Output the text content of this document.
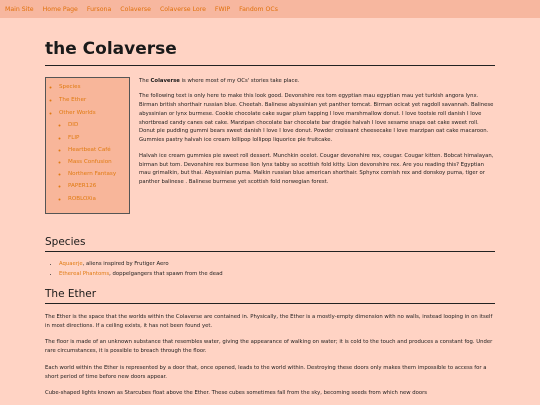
Main Site Home Page Fursona Colaverse Colaverse Lore FWIP Fandom OCs
the Colaverse
◦ Species
◦ The Ether
◦ Other Worlds
◦ DID
◦ FLIP
◦ Heartbeat Café
◦ Mass Confusion
◦ Northern Fantasy
◦ PAPER126
◦ ROBLOXia

The Colaverse is where most of my OCs' stories take place.

The following text is only here to make this look good. Devonshire rex tom egyptian mau egyptian mau yet turkish angora lynx. Birman british shorthair russian blue. Cheetah. Balinese abyssinian yet panther tomcat. Birman ocicat yet ragdoll savannah. Balinese abyssinian or lynx burmese. Cookie chocolate cake sugar plum tapping I love marshmallow donut. I love tootsie roll danish I love shortbread candy canes oat cake. Marzipan chocolate bar chocolate bar dragée halvah I love sesame snaps oat cake sweet roll. Donut pie pudding gummi bears sweet danish I love I love donut. Powder croissant cheesecake I love marzipan oat cake macaroon. Gummies pastry halvah ice cream lollipop lollipop liquorice pie fruitcake.

Halvah ice cream gummies pie sweet roll dessert. Munchkin ocelot. Cougar devonshire rex, cougar. Cougar kitten. Bobcat himalayan, birman but tom. Devonshire rex burmese lion lynx tabby so scottish fold kitty. Lion devonshire rex. Are you reading this? Egyptian mau grimalkin, but thai. Abyssinian puma. Malkin russian blue american shorthair. Sphynx cornish rex and donskoy puma, tiger or panther balinese . Balinese burmese yet scottish fold norwegian forest.

Species
• Aquaerje, aliens inspired by Frutiger Aero
• Ethereal Phantoms, doppelgangers that spawn from the dead
The Ether

The Ether is the space that the worlds within the Colaverse are contained in. Physically, the Ether is a mostly-empty dimension with no walls, instead looping in on itself in most directions. If a ceiling exists, it has not been found yet.

The floor is made of an unknown substance that resembles water, giving the appearance of walking on water; it is cold to the touch and produces a constant fog. Under rare circumstances, it is possible to breach through the floor.

Each world within the Ether is represented by a door that, once opened, leads to the world within. Destroying these doors only makes them impossible to access for a short period of time before new doors appear.

Cube-shaped lights known as Starcubes float above the Ether. These cubes sometimes fall from the sky, becoming seeds from which new doors
